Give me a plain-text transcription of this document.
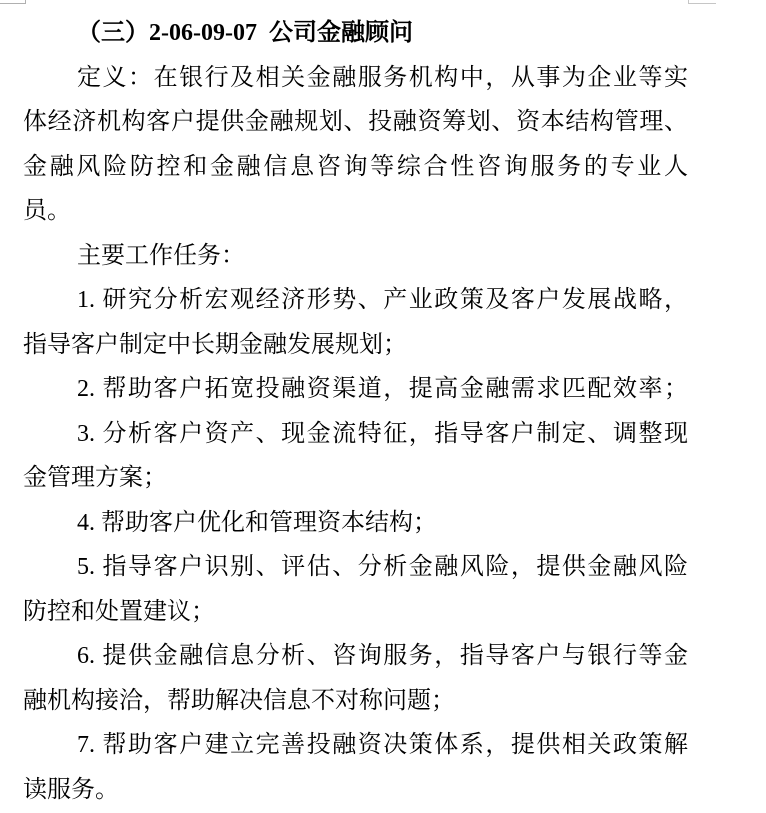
（三）2-06-09-07  公司金融顾问
定义：在银行及相关金融服务机构中，从事为企业等实
体经济机构客户提供金融规划、投融资筹划、资本结构管理、
金融风险防控和金融信息咨询等综合性咨询服务的专业人
员。
主要工作任务：
1. 研究分析宏观经济形势、产业政策及客户发展战略，
指导客户制定中长期金融发展规划；
2. 帮助客户拓宽投融资渠道，提高金融需求匹配效率；
3. 分析客户资产、现金流特征，指导客户制定、调整现
金管理方案；
4. 帮助客户优化和管理资本结构；
5. 指导客户识别、评估、分析金融风险，提供金融风险
防控和处置建议；
6. 提供金融信息分析、咨询服务，指导客户与银行等金
融机构接洽，帮助解决信息不对称问题；
7. 帮助客户建立完善投融资决策体系，提供相关政策解
读服务。
